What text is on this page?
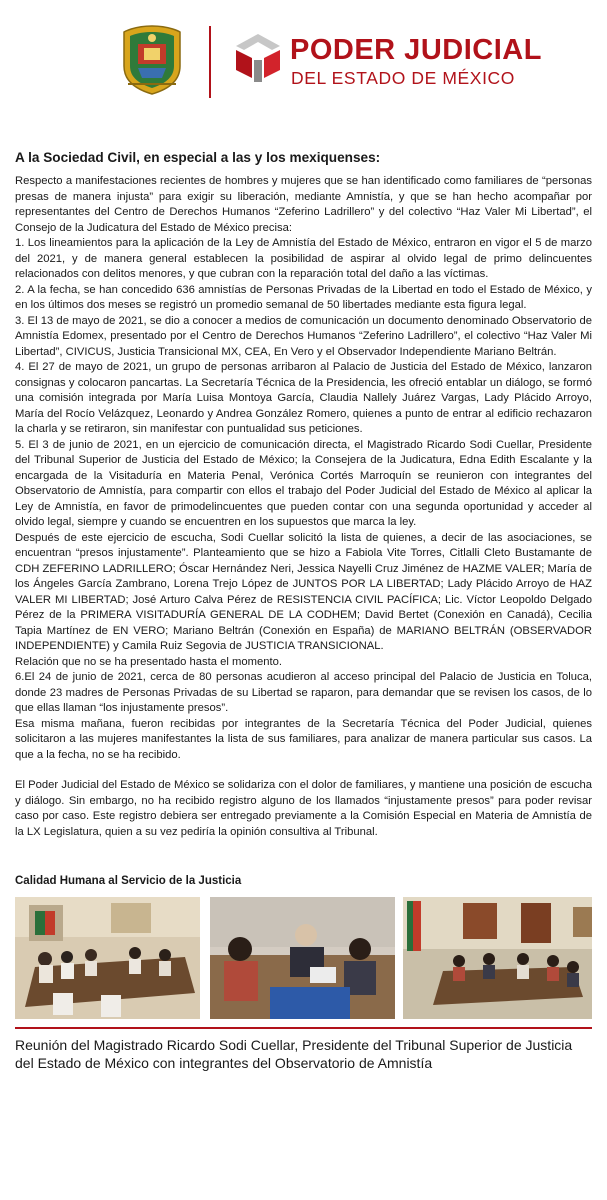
PODER JUDICIAL
DEL ESTADO DE MÉXICO
A la Sociedad Civil, en especial a las y los mexiquenses:

Respecto a manifestaciones recientes de hombres y mujeres que se han identificado como familiares de “personas presas de manera injusta” para exigir su liberación, mediante Amnistía, y que se han hecho acompañar por representantes del Centro de Derechos Humanos “Zeferino Ladrillero” y del colectivo “Haz Valer Mi Libertad”, el Consejo de la Judicatura del Estado de México precisa:

1. Los lineamientos para la aplicación de la Ley de Amnistía del Estado de México, entraron en vigor el 5 de marzo del 2021, y de manera general establecen la posibilidad de aspirar al olvido legal de primo delincuentes relacionados con delitos menores, y que cubran con la reparación total del daño a las víctimas.

2. A la fecha, se han concedido 636 amnistías de Personas Privadas de la Libertad en todo el Estado de México, y en los últimos dos meses se registró un promedio semanal de 50 libertades mediante esta figura legal.

3. El 13 de mayo de 2021, se dio a conocer a medios de comunicación un documento denominado Observatorio de Amnistía Edomex, presentado por el Centro de Derechos Humanos “Zeferino Ladrillero”, el colectivo “Haz Valer Mi Libertad”, CIVICUS, Justicia Transicional MX, CEA, En Vero y el Observador Independiente Mariano Beltrán.

4. El 27 de mayo de 2021, un grupo de personas arribaron al Palacio de Justicia del Estado de México, lanzaron consignas y colocaron pancartas. La Secretaría Técnica de la Presidencia, les ofreció entablar un diálogo, se formó una comisión integrada por María Luisa Montoya García, Claudia Nallely Juárez Vargas, Lady Plácido Arroyo, María del Rocío Velázquez, Leonardo y Andrea González Romero, quienes a punto de entrar al edificio rechazaron la charla y se retiraron, sin manifestar con puntualidad sus peticiones.

5. El 3 de junio de 2021, en un ejercicio de comunicación directa, el Magistrado Ricardo Sodi Cuellar, Presidente del Tribunal Superior de Justicia del Estado de México; la Consejera de la Judicatura, Edna Edith Escalante y la encargada de la Visitaduría en Materia Penal, Verónica Cortés Marroquín se reunieron con integrantes del Observatorio de Amnistía, para compartir con ellos el trabajo del Poder Judicial del Estado de México al aplicar la Ley de Amnistía, en favor de primodelincuentes que pueden contar con una segunda oportunidad y acceder al olvido legal, siempre y cuando se encuentren en los supuestos que marca la ley.

Después de este ejercicio de escucha, Sodi Cuellar solicitó la lista de quienes, a decir de las asociaciones, se encuentran “presos injustamente”. Planteamiento que se hizo a Fabiola Vite Torres, Citlalli Cleto Bustamante de CDH ZEFERINO LADRILLERO; Óscar Hernández Neri, Jessica Nayelli Cruz Jiménez de HAZME VALER; María de los Ángeles García Zambrano, Lorena Trejo López de JUNTOS POR LA LIBERTAD; Lady Plácido Arroyo de HAZ VALER MI LIBERTAD; José Arturo Calva Pérez de RESISTENCIA CIVIL PACÍFICA; Lic. Víctor Leopoldo Delgado Pérez de la PRIMERA VISITADURÍA GENERAL DE LA CODHEM; David Bertet (Conexión en Canadá), Cecilia Tapia Martínez de EN VERO; Mariano Beltrán (Conexión en España) de MARIANO BELTRÁN (OBSERVADOR INDEPENDIENTE) y Camila Ruiz Segovia de JUSTICIA TRANSICIONAL.

Relación que no se ha presentado hasta el momento.

6.El 24 de junio de 2021, cerca de 80 personas acudieron al acceso principal del Palacio de Justicia en Toluca, donde 23 madres de Personas Privadas de su Libertad se raparon, para demandar que se revisen los casos, de lo que ellas llaman “los injustamente presos”.

Esa misma mañana, fueron recibidas por integrantes de la Secretaría Técnica del Poder Judicial, quienes solicitaron a las mujeres manifestantes la lista de sus familiares, para analizar de manera particular sus casos. La que a la fecha, no se ha recibido.

El Poder Judicial del Estado de México se solidariza con el dolor de familiares, y mantiene una posición de escucha y diálogo. Sin embargo, no ha recibido registro alguno de los llamados “injustamente presos” para poder revisar caso por caso. Este registro debiera ser entregado previamente a la Comisión Especial en Materia de Amnistía de la LX Legislatura, quien a su vez pediría la opinión consultiva al Tribunal.

Calidad Humana al Servicio de la Justicia
Reunión del Magistrado Ricardo Sodi Cuellar, Presidente del Tribunal Superior de Justicia del Estado de México con integrantes del Observatorio de Amnistía
